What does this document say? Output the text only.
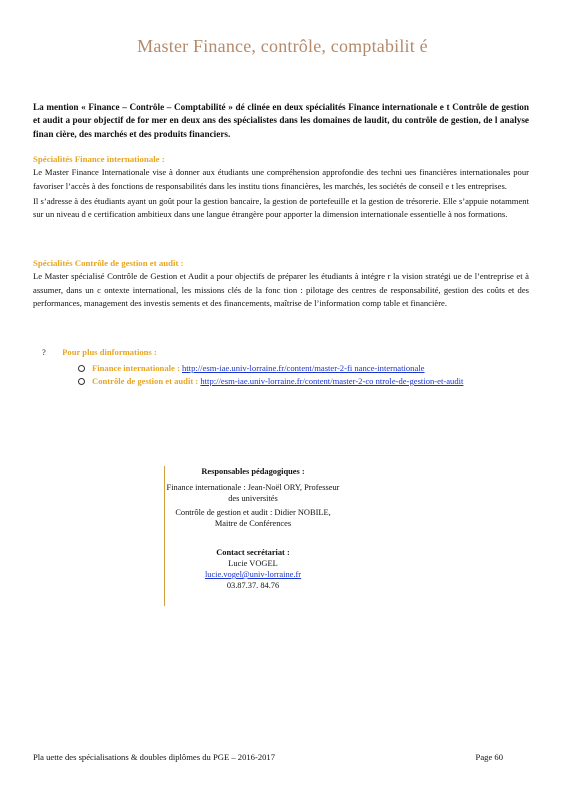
Master Finance, contrôle, comptabilit é
La mention « Finance – Contrôle – Comptabilité » dé clinée en deux spécialités Finance internationale e t Contrôle de gestion et audit a pour objectif de for mer en deux ans des spécialistes dans les domaines de laudit, du contrôle de gestion, de l analyse finan cière, des marchés et des produits financiers.
Spécialités Finance internationale :

Le Master Finance Internationale vise à donner aux étudiants une compréhension approfondie des techni ues financières internationales pour favoriser l’accès à des fonctions de responsabilités dans les institu tions financières, les marchés, les sociétés de conseil e t les entreprises.

Il s’adresse à des étudiants ayant un goût pour la gestion bancaire, la gestion de portefeuille et la gestion de trésorerie. Elle s’appuie notamment sur un niveau d e certification ambitieux dans une langue étrangère pour apporter la dimension internationale essentielle à nos formations.

Spécialités Contrôle de gestion et audit :

Le Master spécialisé Contrôle de Gestion et Audit a pour objectifs de préparer les étudiants à intégre r la vision stratégi ue de l’entreprise et à assumer, dans un c ontexte international, les missions clés de la fonc tion : pilotage des centres de responsabilité, gestion des coûts et des performances, management des investis sements et des financements, maîtrise de l’information comp table et financière.

? Pour plus dinformations :
Finance internationale : http://esm-iae.univ-lorraine.fr/content/master-2-fi nance-internationale
Contrôle de gestion et audit : http://esm-iae.univ-lorraine.fr/content/master-2-co ntrole-de-gestion-et-audit
Responsables pédagogiques :
Finance internationale : Jean-Noël ORY, Professeur des universités
Contrôle de gestion et audit : Didier NOBILE, Maitre de Conférences
Contact secrétariat :
Lucie VOGEL
lucie.vogel@univ-lorraine.fr
03.87.37. 84.76
Pla uette des spécialisations & doubles diplômes du PGE – 2016-2017	Page 60
